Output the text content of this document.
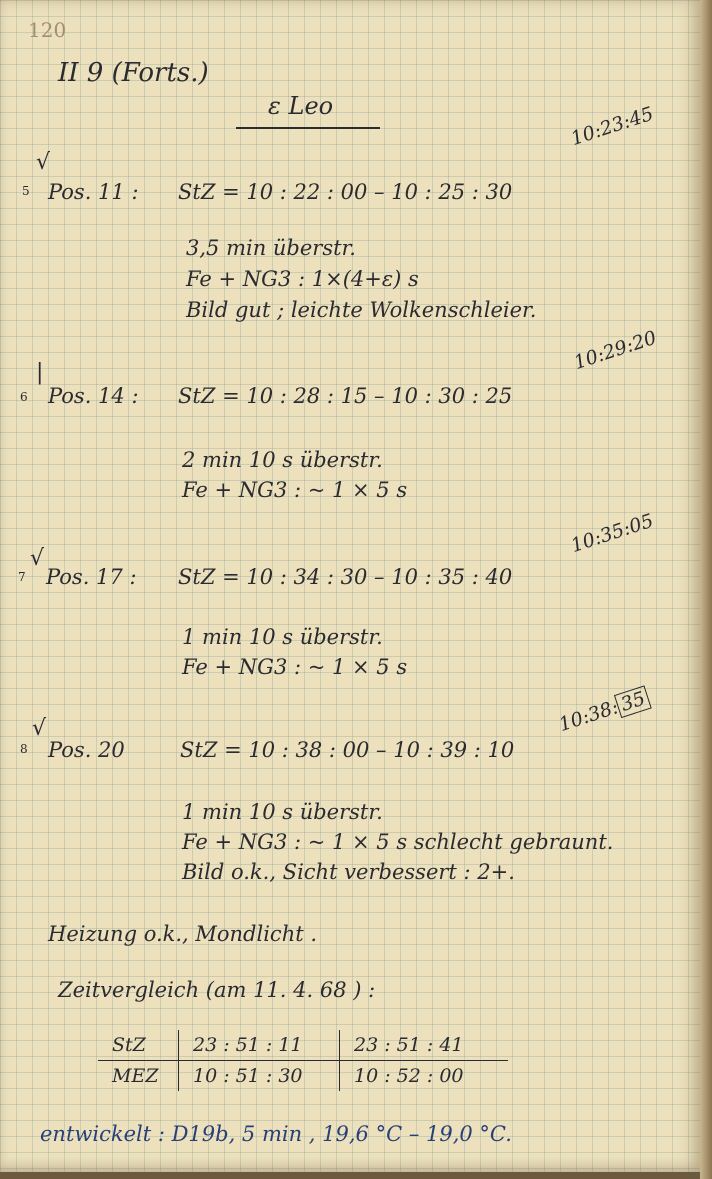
120
II 9 (Forts.)
ε Leo
5
√
Pos. 11 : StZ = 10 : 22 : 00 – 10 : 25 : 30
10:23:45
3,5 min überstr.
Fe + NG3 : 1×(4+ε) s
Bild gut ; leichte Wolkenschleier.
6
|
Pos. 14 : StZ = 10 : 28 : 15 – 10 : 30 : 25
10:29:20
2 min 10 s überstr.
Fe + NG3 : ~ 1 × 5 s
7
√
Pos. 17 : StZ = 10 : 34 : 30 – 10 : 35 : 40
10:35:05
1 min 10 s überstr.
Fe + NG3 : ~ 1 × 5 s
8
√
Pos. 20	StZ = 10 : 38 : 00 – 10 : 39 : 10
10:38:35
1 min 10 s überstr.
Fe + NG3 : ~ 1 × 5 s schlecht gebraunt.
Bild o.k., Sicht verbessert : 2+.
Heizung o.k., Mondlicht .
Zeitvergleich (am 11. 4. 68 ) :
StZ	23 : 51 : 11	23 : 51 : 41
MEZ	10 : 51 : 30	10 : 52 : 00
entwickelt : D19b, 5 min , 19,6 °C – 19,0 °C.
